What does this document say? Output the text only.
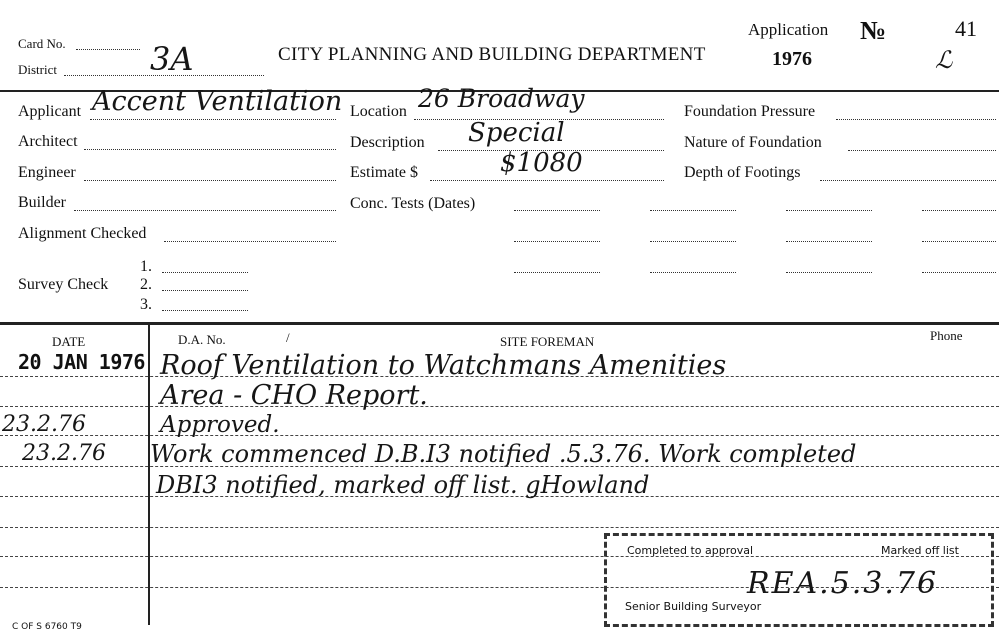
Card No.
District	3A	CITY PLANNING AND BUILDING DEPARTMENT
Application
1976
№	41
ℒ
Applicant Accent Ventilation
Architect
Engineer
Builder
Alignment Checked
Survey Check
1.
2.
3.
Location 26 Broadway
Description Special
Estimate $	$1080
Conc. Tests (Dates)
Foundation Pressure
Nature of Foundation
Depth of Footings
DATE	D.A. No.	/	SITE FOREMAN	Phone
20 JAN 1976 Roof Ventilation to Watchmans Amenities
Area - CHO Report.
23.2.76	Approved.
23.2.76 Work commenced D.B.I3 notified .5.3.76. Work completed
DBI3 notified, marked off list. gHowland
Completed to approval	Marked off list
REA.5.3.76
Senior Building Surveyor
C OF S 6760 T9
